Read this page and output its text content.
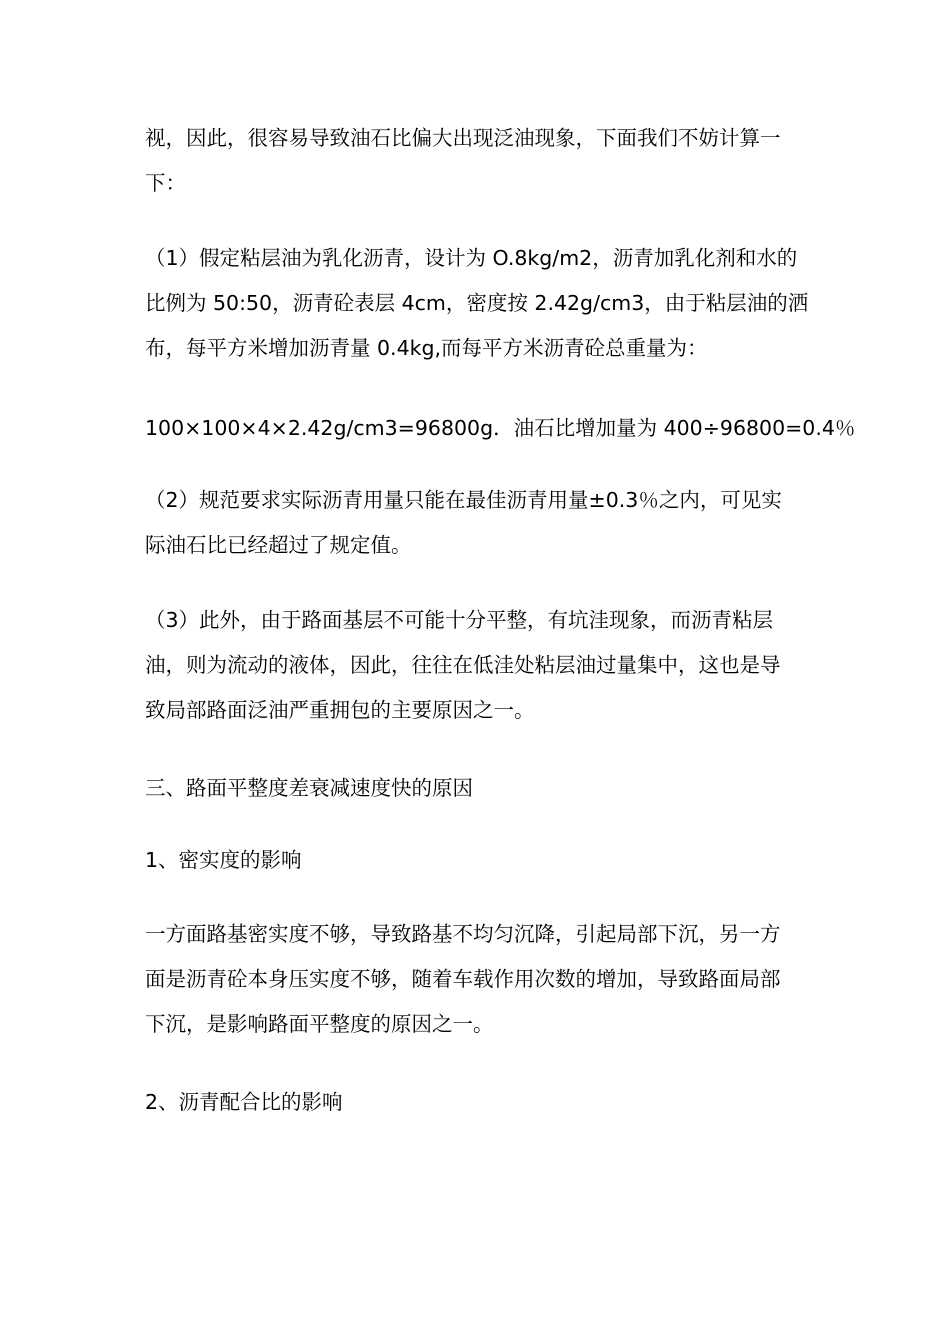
视，因此，很容易导致油石比偏大出现泛油现象，下面我们不妨计算一
下：

（1）假定粘层油为乳化沥青，设计为 O.8kg/m2，沥青加乳化剂和水的
比例为 50:50，沥青砼表层 4cm，密度按 2.42g/cm3，由于粘层油的洒
布，每平方米增加沥青量 0.4kg,而每平方米沥青砼总重量为：

100×100×4×2.42g/cm3=96800g．油石比增加量为 400÷96800=0.4％

（2）规范要求实际沥青用量只能在最佳沥青用量±0.3％之内，可见实
际油石比已经超过了规定值。

（3）此外，由于路面基层不可能十分平整，有坑洼现象，而沥青粘层
油，则为流动的液体，因此，往往在低洼处粘层油过量集中，这也是导
致局部路面泛油严重拥包的主要原因之一。

三、路面平整度差衰减速度快的原因

1、密实度的影响

一方面路基密实度不够，导致路基不均匀沉降，引起局部下沉，另一方
面是沥青砼本身压实度不够，随着车载作用次数的增加，导致路面局部
下沉，是影响路面平整度的原因之一。

2、沥青配合比的影响
